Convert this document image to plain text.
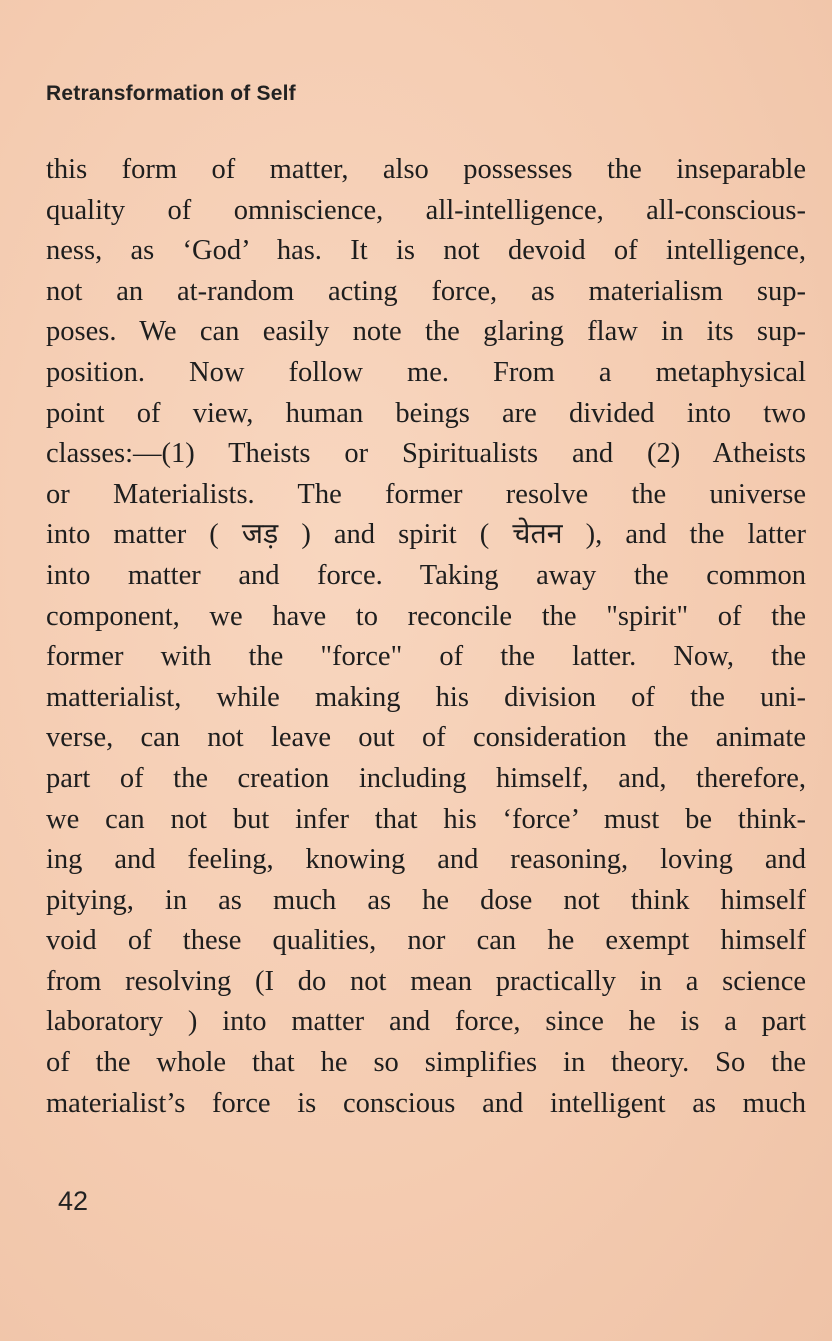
Retransformation of Self
this form of matter, also possesses the inseparable
quality of omniscience, all-intelligence, all-conscious-
ness, as ‘God’ has. It is not devoid of intelligence,
not an at-random acting force, as materialism sup-
poses. We can easily note the glaring flaw in its sup-
position. Now follow me. From a metaphysical
point of view, human beings are divided into two
classes:—(1) Theists or Spiritualists and (2) Atheists
or Materialists. The former resolve the universe
into matter ( जड़ ) and spirit ( चेतन ), and the latter
into matter and force. Taking away the common
component, we have to reconcile the "spirit" of the
former with the "force" of the latter. Now, the
matterialist, while making his division of the uni-
verse, can not leave out of consideration the animate
part of the creation including himself, and, therefore,
we can not but infer that his ‘force’ must be think-
ing and feeling, knowing and reasoning, loving and
pitying, in as much as he dose not think himself
void of these qualities, nor can he exempt himself
from resolving (I do not mean practically in a science
laboratory ) into matter and force, since he is a part
of the whole that he so simplifies in theory. So the
materialist’s force is conscious and intelligent as much
42
